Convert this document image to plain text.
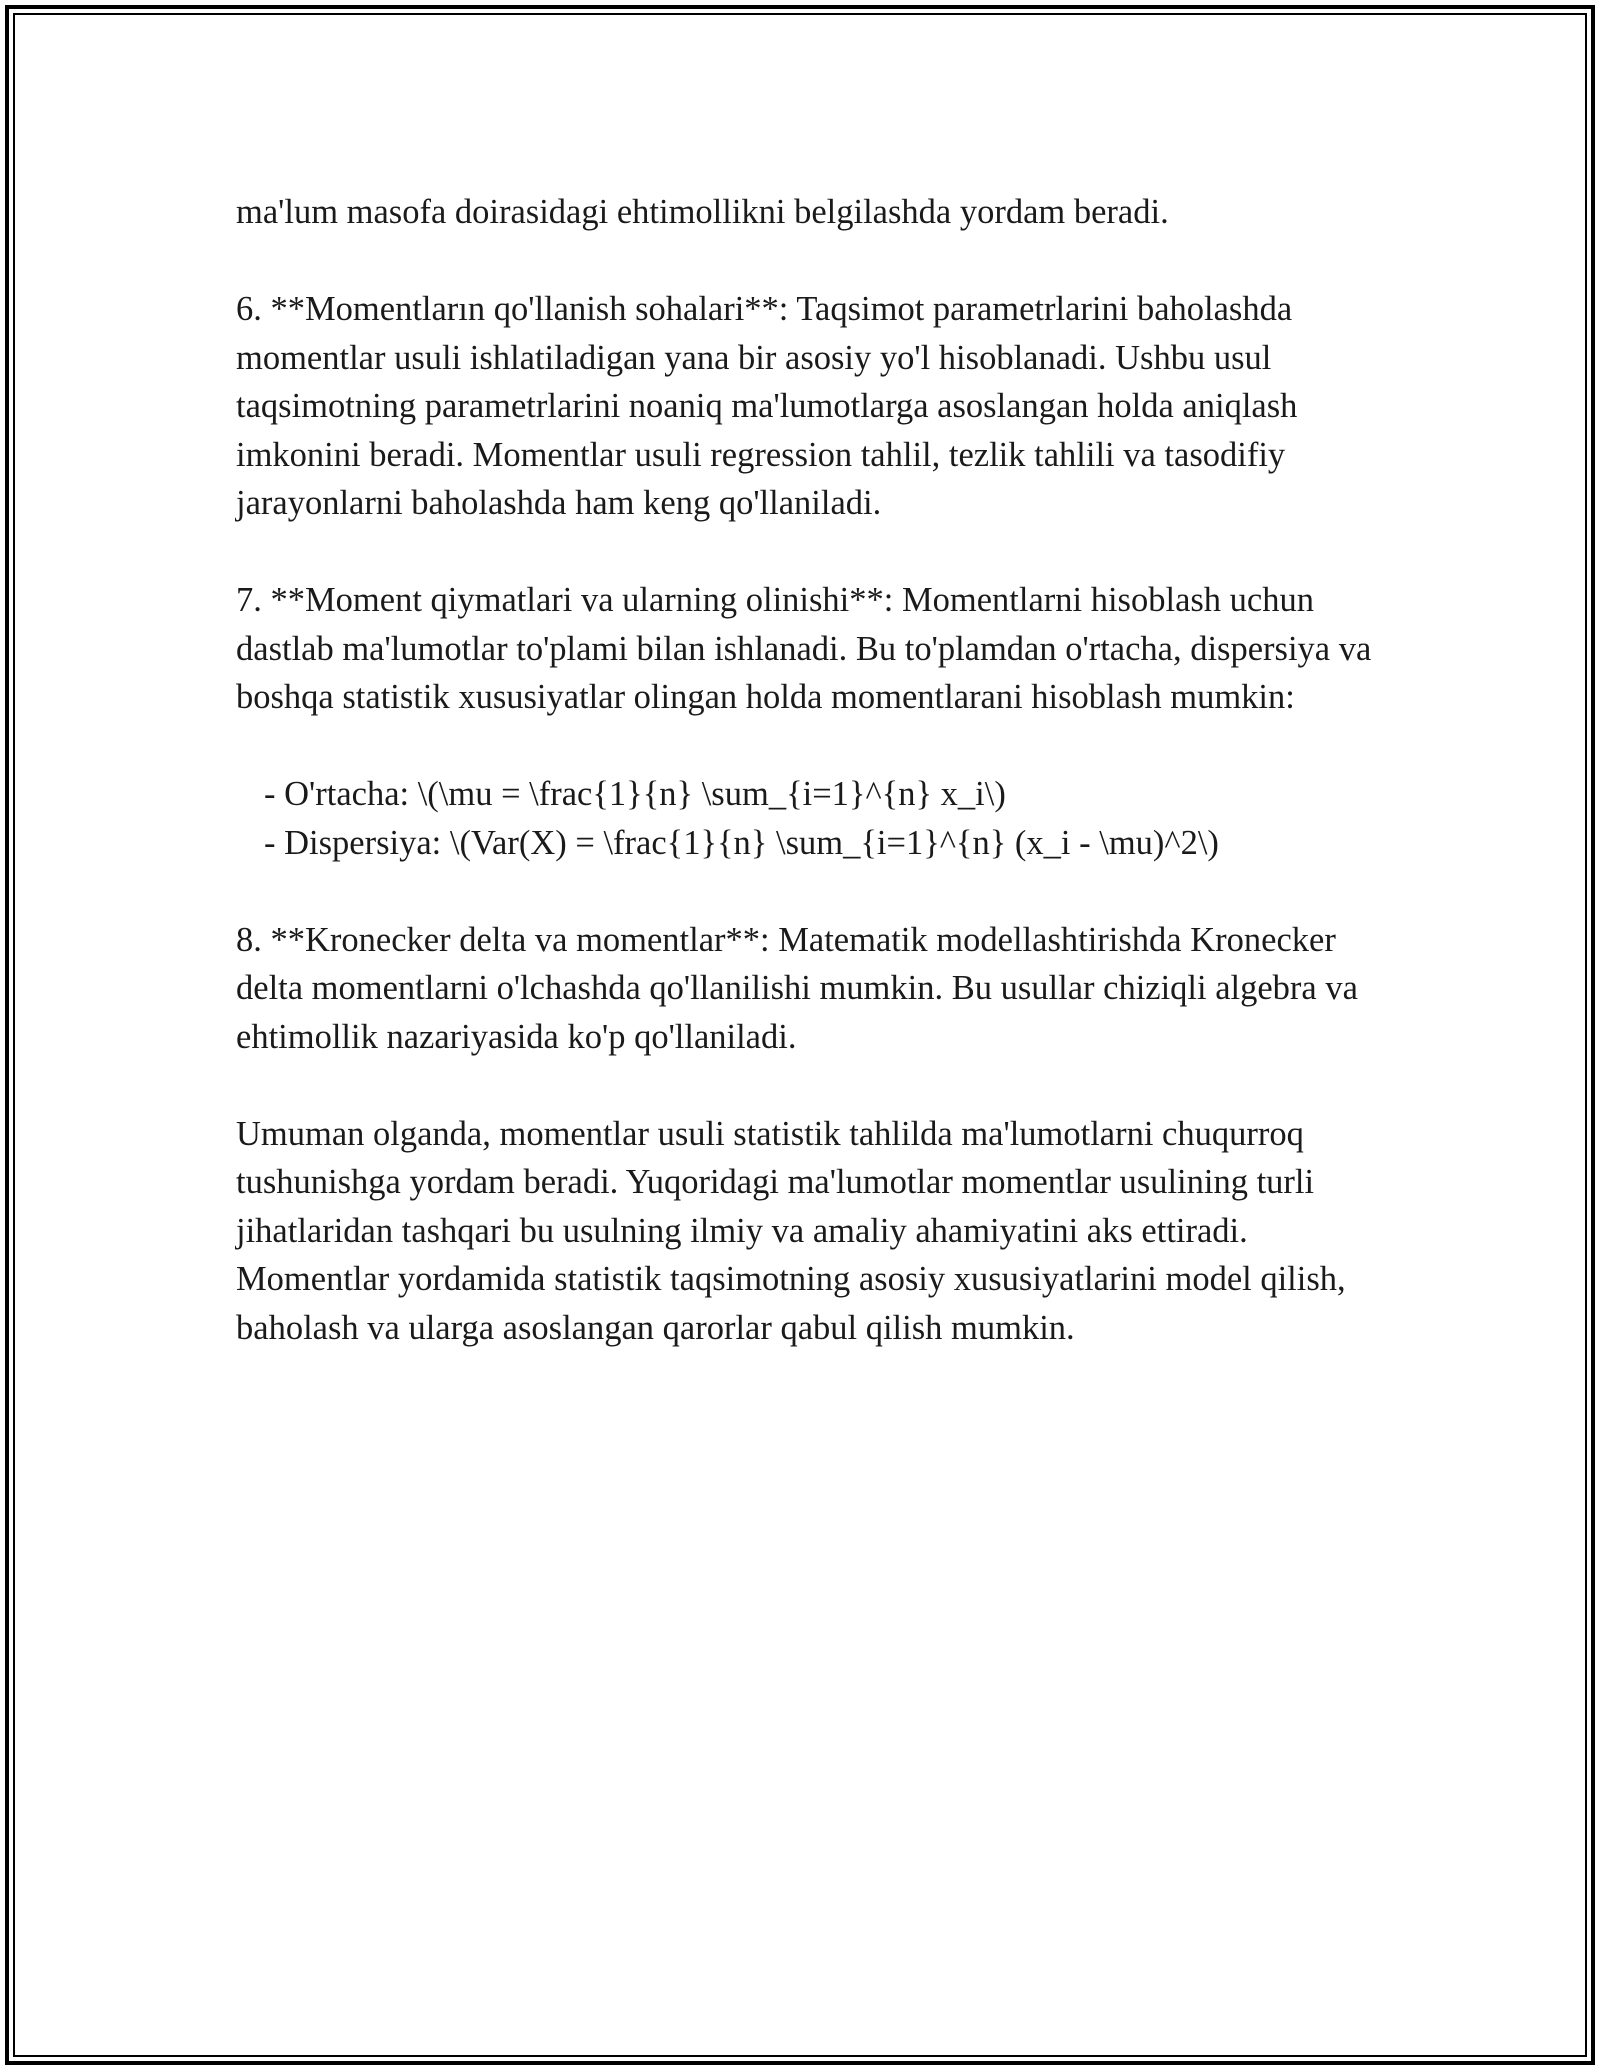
ma'lum masofa doirasidagi ehtimollikni belgilashda yordam beradi.

6. **Momentların qo'llanish sohalari**: Taqsimot parametrlarini baholashda momentlar usuli ishlatiladigan yana bir asosiy yo'l hisoblanadi. Ushbu usul taqsimotning parametrlarini noaniq ma'lumotlarga asoslangan holda aniqlash imkonini beradi. Momentlar usuli regression tahlil, tezlik tahlili va tasodifiy jarayonlarni baholashda ham keng qo'llaniladi.

7. **Moment qiymatlari va ularning olinishi**: Momentlarni hisoblash uchun dastlab ma'lumotlar to'plami bilan ishlanadi. Bu to'plamdan o'rtacha, dispersiya va boshqa statistik xususiyatlar olingan holda momentlarani hisoblash mumkin:

- O'rtacha: \(\mu = \frac{1}{n} \sum_{i=1}^{n} x_i\)
- Dispersiya: \(Var(X) = \frac{1}{n} \sum_{i=1}^{n} (x_i - \mu)^2\)

8. **Kronecker delta va momentlar**: Matematik modellashtirishda Kronecker delta momentlarni o'lchashda qo'llanilishi mumkin. Bu usullar chiziqli algebra va ehtimollik nazariyasida ko'p qo'llaniladi.

Umuman olganda, momentlar usuli statistik tahlilda ma'lumotlarni chuqurroq tushunishga yordam beradi. Yuqoridagi ma'lumotlar momentlar usulining turli jihatlaridan tashqari bu usulning ilmiy va amaliy ahamiyatini aks ettiradi. Momentlar yordamida statistik taqsimotning asosiy xususiyatlarini model qilish, baholash va ularga asoslangan qarorlar qabul qilish mumkin.
